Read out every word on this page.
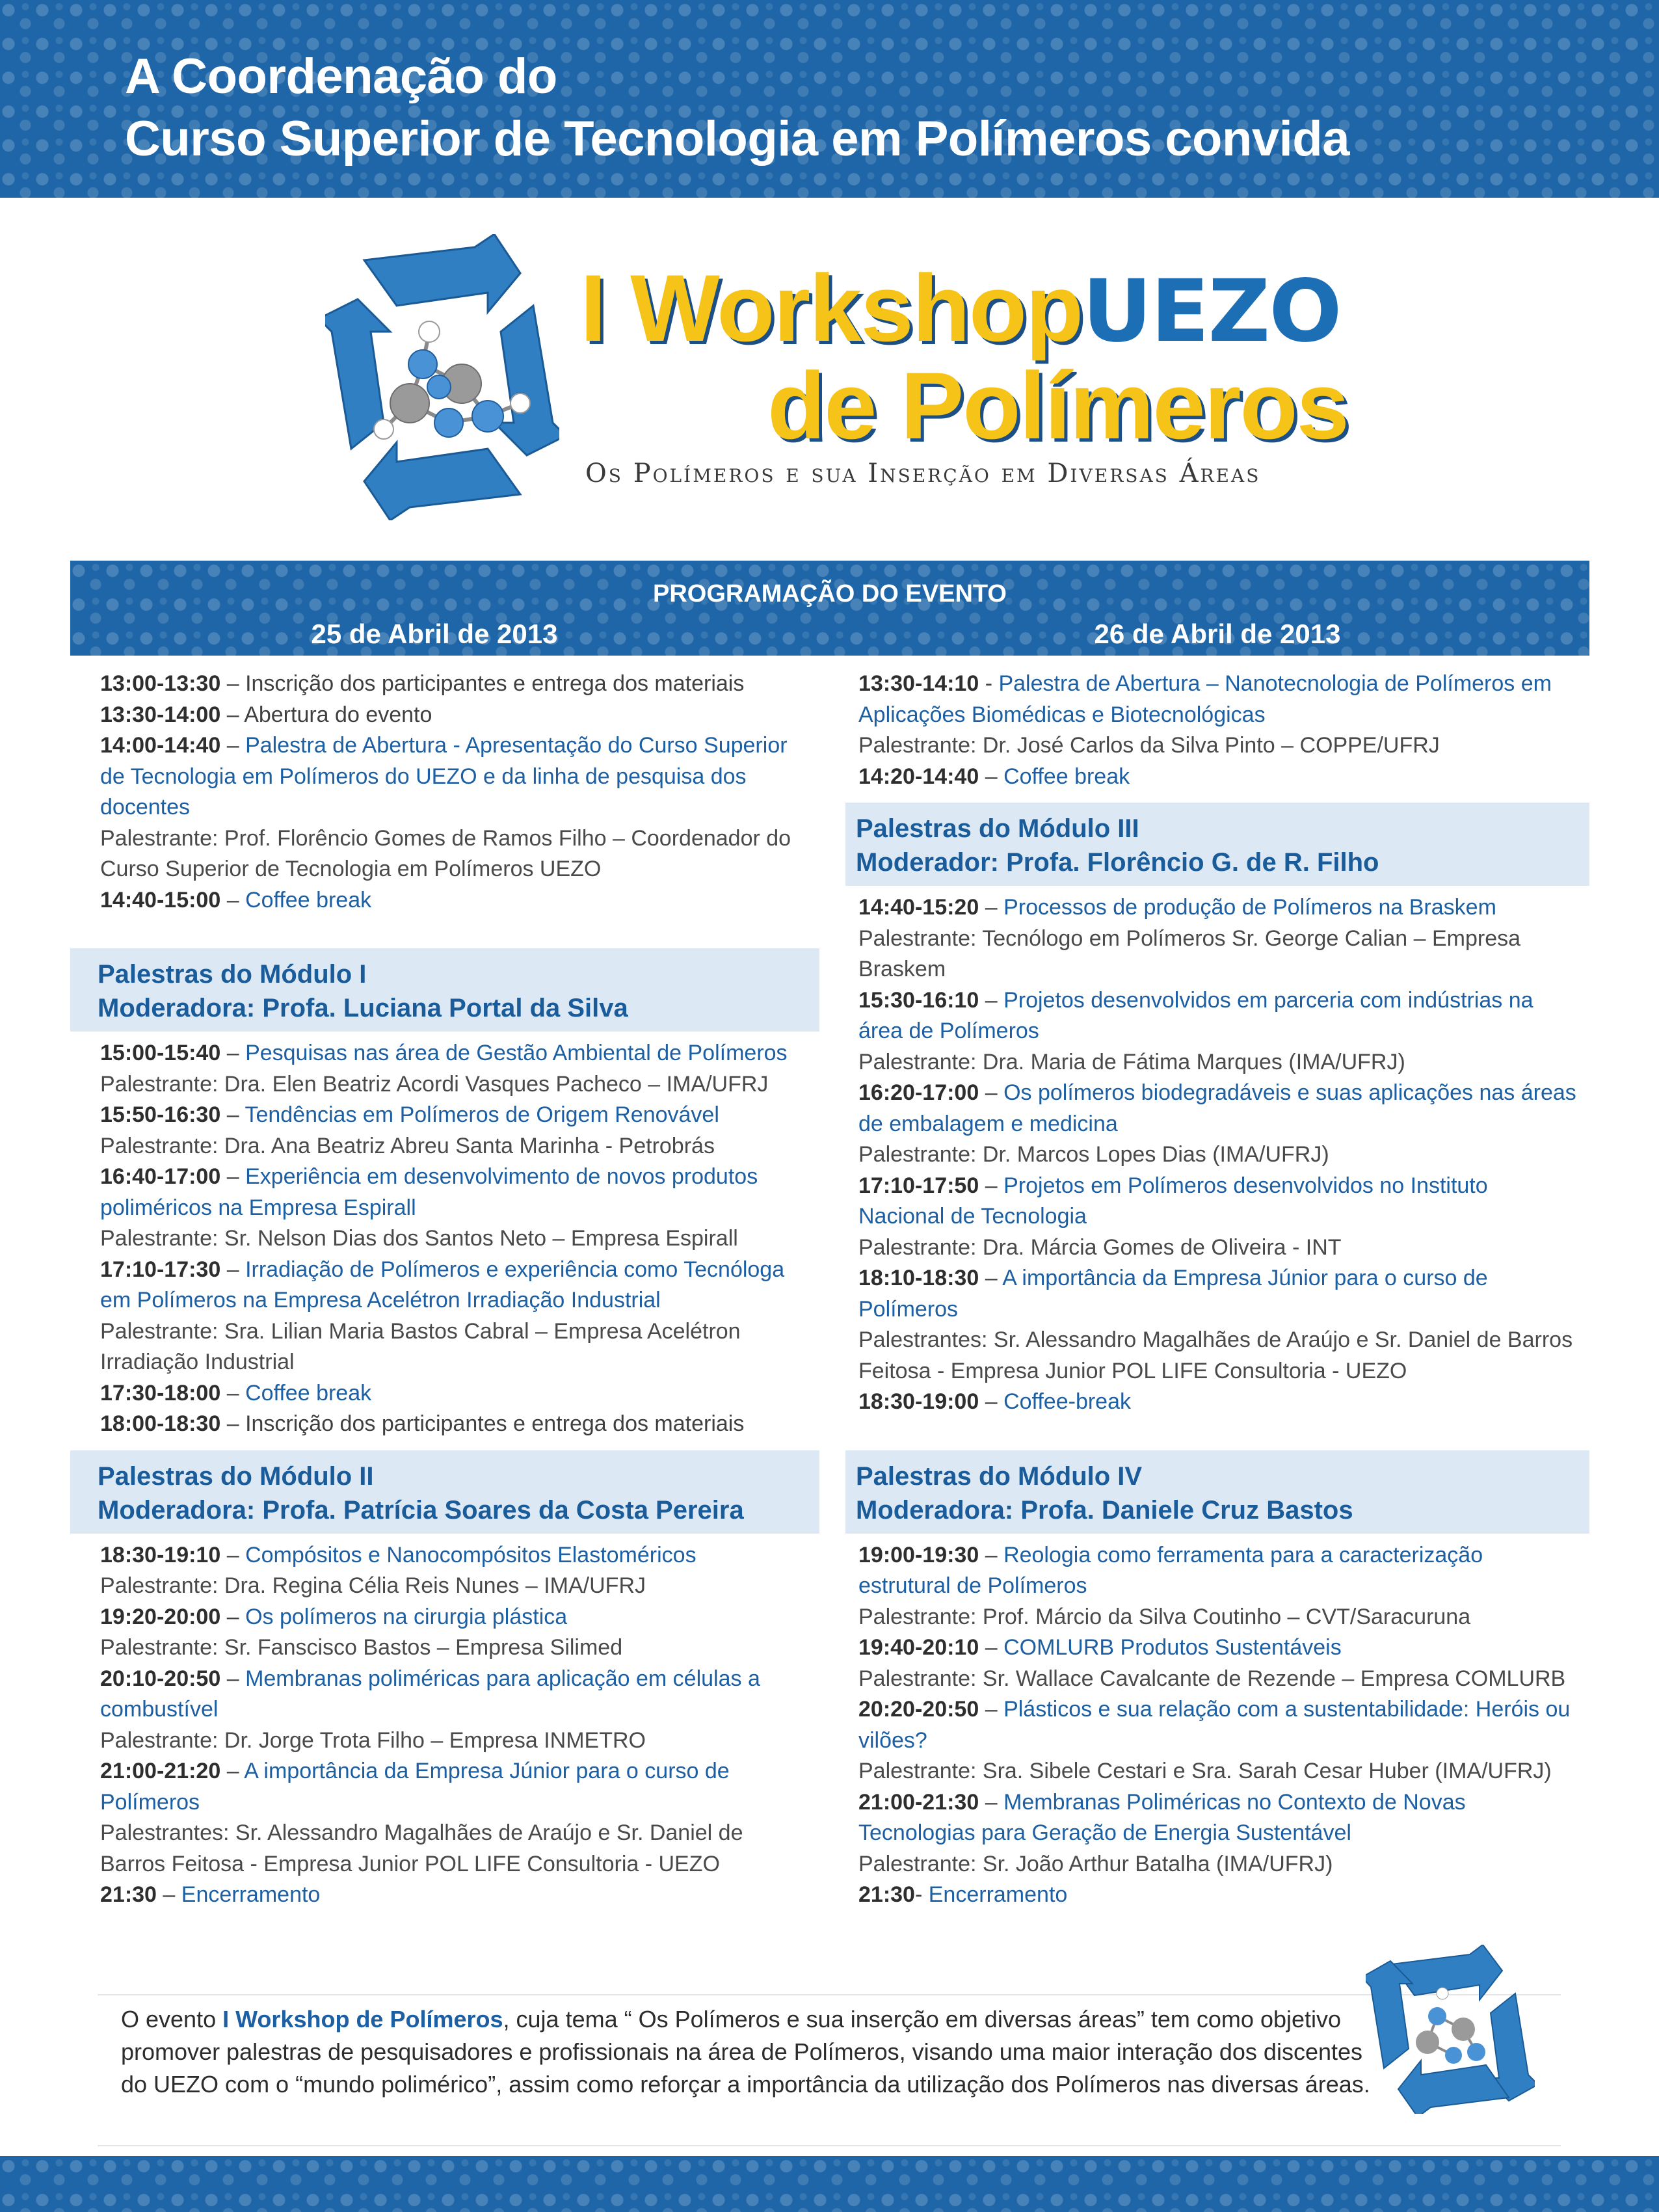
A Coordenação do
Curso Superior de Tecnologia em Polímeros convida
I WorkshopUEZO
de Polímeros
Os Polímeros e sua Inserção em Diversas Áreas
PROGRAMAÇÃO DO EVENTO
25 de Abril de 2013	26 de Abril de 2013

13:00-13:30 – Inscrição dos participantes e entrega dos materiais

13:30-14:00 – Abertura do evento

14:00-14:40 – Palestra de Abertura - Apresentação do Curso Superior de Tecnologia em Polímeros do UEZO e da linha de pesquisa dos docentes

Palestrante: Prof. Florêncio Gomes de Ramos Filho – Coordenador do Curso Superior de Tecnologia em Polímeros UEZO

14:40-15:00 – Coffee break

Palestras do Módulo I
Moderadora: Profa. Luciana Portal da Silva

15:00-15:40 – Pesquisas nas área de Gestão Ambiental de Polímeros

Palestrante: Dra. Elen Beatriz Acordi Vasques Pacheco – IMA/UFRJ

15:50-16:30 – Tendências em Polímeros de Origem Renovável

Palestrante: Dra. Ana Beatriz Abreu Santa Marinha - Petrobrás

16:40-17:00 – Experiência em desenvolvimento de novos produtos poliméricos na Empresa Espirall

Palestrante: Sr. Nelson Dias dos Santos Neto – Empresa Espirall

17:10-17:30 – Irradiação de Polímeros e experiência como Tecnóloga em Polímeros na Empresa Acelétron Irradiação Industrial

Palestrante: Sra. Lilian Maria Bastos Cabral – Empresa Acelétron Irradiação Industrial

17:30-18:00 – Coffee break

18:00-18:30 – Inscrição dos participantes e entrega dos materiais

Palestras do Módulo II
Moderadora: Profa. Patrícia Soares da Costa Pereira

18:30-19:10 – Compósitos e Nanocompósitos Elastoméricos

Palestrante: Dra. Regina Célia Reis Nunes – IMA/UFRJ

19:20-20:00 – Os polímeros na cirurgia plástica

Palestrante: Sr. Fanscisco Bastos – Empresa Silimed

20:10-20:50 – Membranas poliméricas para aplicação em células a combustível

Palestrante: Dr. Jorge Trota Filho – Empresa INMETRO

21:00-21:20 – A importância da Empresa Júnior para o curso de Polímeros

Palestrantes: Sr. Alessandro Magalhães de Araújo e Sr. Daniel de Barros Feitosa - Empresa Junior POL LIFE Consultoria - UEZO

21:30 – Encerramento

13:30-14:10 - Palestra de Abertura – Nanotecnologia de Polímeros em Aplicações Biomédicas e Biotecnológicas

Palestrante: Dr. José Carlos da Silva Pinto – COPPE/UFRJ

14:20-14:40 – Coffee break

Palestras do Módulo III
Moderador: Profa. Florêncio G. de R. Filho

14:40-15:20 – Processos de produção de Polímeros na Braskem

Palestrante: Tecnólogo em Polímeros Sr. George Calian – Empresa Braskem

15:30-16:10 – Projetos desenvolvidos em parceria com indústrias na área de Polímeros

Palestrante: Dra. Maria de Fátima Marques (IMA/UFRJ)

16:20-17:00 – Os polímeros biodegradáveis e suas aplicações nas áreas de embalagem e medicina

Palestrante: Dr. Marcos Lopes Dias (IMA/UFRJ)

17:10-17:50 – Projetos em Polímeros desenvolvidos no Instituto Nacional de Tecnologia

Palestrante: Dra. Márcia Gomes de Oliveira - INT

18:10-18:30 – A importância da Empresa Júnior para o curso de Polímeros

Palestrantes: Sr. Alessandro Magalhães de Araújo e Sr. Daniel de Barros Feitosa - Empresa Junior POL LIFE Consultoria - UEZO

18:30-19:00 – Coffee-break

Palestras do Módulo IV
Moderadora: Profa. Daniele Cruz Bastos

19:00-19:30 – Reologia como ferramenta para a caracterização estrutural de Polímeros

Palestrante: Prof. Márcio da Silva Coutinho – CVT/Saracuruna

19:40-20:10 – COMLURB Produtos Sustentáveis

Palestrante: Sr. Wallace Cavalcante de Rezende – Empresa COMLURB

20:20-20:50 – Plásticos e sua relação com a sustentabilidade: Heróis ou vilões?

Palestrante: Sra. Sibele Cestari e Sra. Sarah Cesar Huber (IMA/UFRJ)

21:00-21:30 – Membranas Poliméricas no Contexto de Novas Tecnologias para Geração de Energia Sustentável

Palestrante: Sr. João Arthur Batalha (IMA/UFRJ)

21:30- Encerramento

O evento I Workshop de Polímeros, cuja tema “ Os Polímeros e sua inserção em diversas áreas” tem como objetivo promover palestras de pesquisadores e profissionais na área de Polímeros, visando uma maior interação dos discentes do UEZO com o “mundo polimérico”, assim como reforçar a importância da utilização dos Polímeros nas diversas áreas.
